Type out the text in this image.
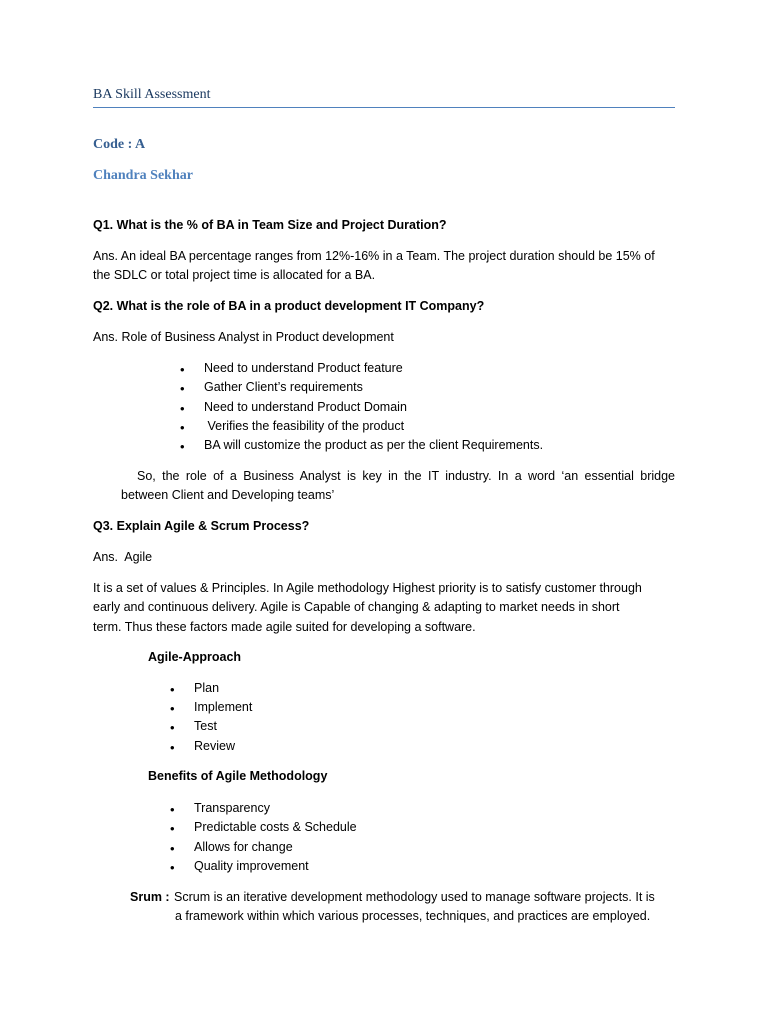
BA Skill Assessment
Code : A
Chandra Sekhar
Q1. What is the % of BA in Team Size and Project Duration?
Ans. An ideal BA percentage ranges from 12%-16% in a Team. The project duration should be 15% of
the SDLC or total project time is allocated for a BA.
Q2. What is the role of BA in a product development IT Company?
Ans. Role of Business Analyst in Product development
• Need to understand Product feature
• Gather Client’s requirements
• Need to understand Product Domain
• Verifies the feasibility of the product
• BA will customize the product as per the client Requirements.
So, the role of a Business Analyst is key in the IT industry. In a word ‘an essential bridge
between Client and Developing teams’
Q3. Explain Agile & Scrum Process?
Ans.  Agile
It is a set of values & Principles. In Agile methodology Highest priority is to satisfy customer through
early and continuous delivery. Agile is Capable of changing & adapting to market needs in short
term. Thus these factors made agile suited for developing a software.
Agile-Approach
• Plan
• Implement
• Test
• Review
Benefits of Agile Methodology
• Transparency
• Predictable costs & Schedule
• Allows for change
• Quality improvement
Srum : Scrum is an iterative development methodology used to manage software projects. It is
a framework within which various processes, techniques, and practices are employed.
